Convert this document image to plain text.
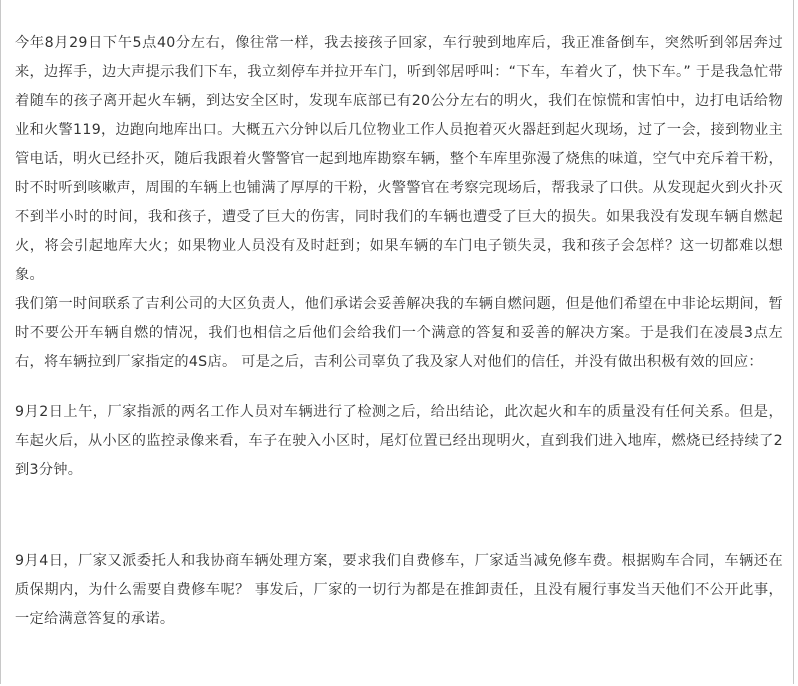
今年8月29日下午5点40分左右，像往常一样，我去接孩子回家，车行驶到地库后，我正准备倒车，突然听到邻居奔过来，边挥手，边大声提示我们下车，我立刻停车并拉开车门，听到邻居呼叫：“下车，车着火了，快下车。” 于是我急忙带着随车的孩子离开起火车辆，到达安全区时，发现车底部已有20公分左右的明火，我们在惊慌和害怕中，边打电话给物业和火警119，边跑向地库出口。大概五六分钟以后几位物业工作人员抱着灭火器赶到起火现场，过了一会，接到物业主管电话，明火已经扑灭，随后我跟着火警警官一起到地库勘察车辆，整个车库里弥漫了烧焦的味道，空气中充斥着干粉，时不时听到咳嗽声，周围的车辆上也铺满了厚厚的干粉，火警警官在考察完现场后，帮我录了口供。从发现起火到火扑灭不到半小时的时间，我和孩子，遭受了巨大的伤害，同时我们的车辆也遭受了巨大的损失。如果我没有发现车辆自燃起火，将会引起地库大火；如果物业人员没有及时赶到；如果车辆的车门电子锁失灵，我和孩子会怎样？这一切都难以想象。

我们第一时间联系了吉利公司的大区负责人，他们承诺会妥善解决我的车辆自燃问题，但是他们希望在中非论坛期间，暂时不要公开车辆自燃的情况，我们也相信之后他们会给我们一个满意的答复和妥善的解决方案。于是我们在凌晨3点左右，将车辆拉到厂家指定的4S店。 可是之后，吉利公司辜负了我及家人对他们的信任，并没有做出积极有效的回应：

9月2日上午，厂家指派的两名工作人员对车辆进行了检测之后，给出结论，此次起火和车的质量没有任何关系。但是，车起火后，从小区的监控录像来看，车子在驶入小区时，尾灯位置已经出现明火，直到我们进入地库，燃烧已经持续了2到3分钟。

9月4日，厂家又派委托人和我协商车辆处理方案，要求我们自费修车，厂家适当减免修车费。根据购车合同，车辆还在质保期内，为什么需要自费修车呢？ 事发后，厂家的一切行为都是在推卸责任，且没有履行事发当天他们不公开此事，一定给满意答复的承诺。
